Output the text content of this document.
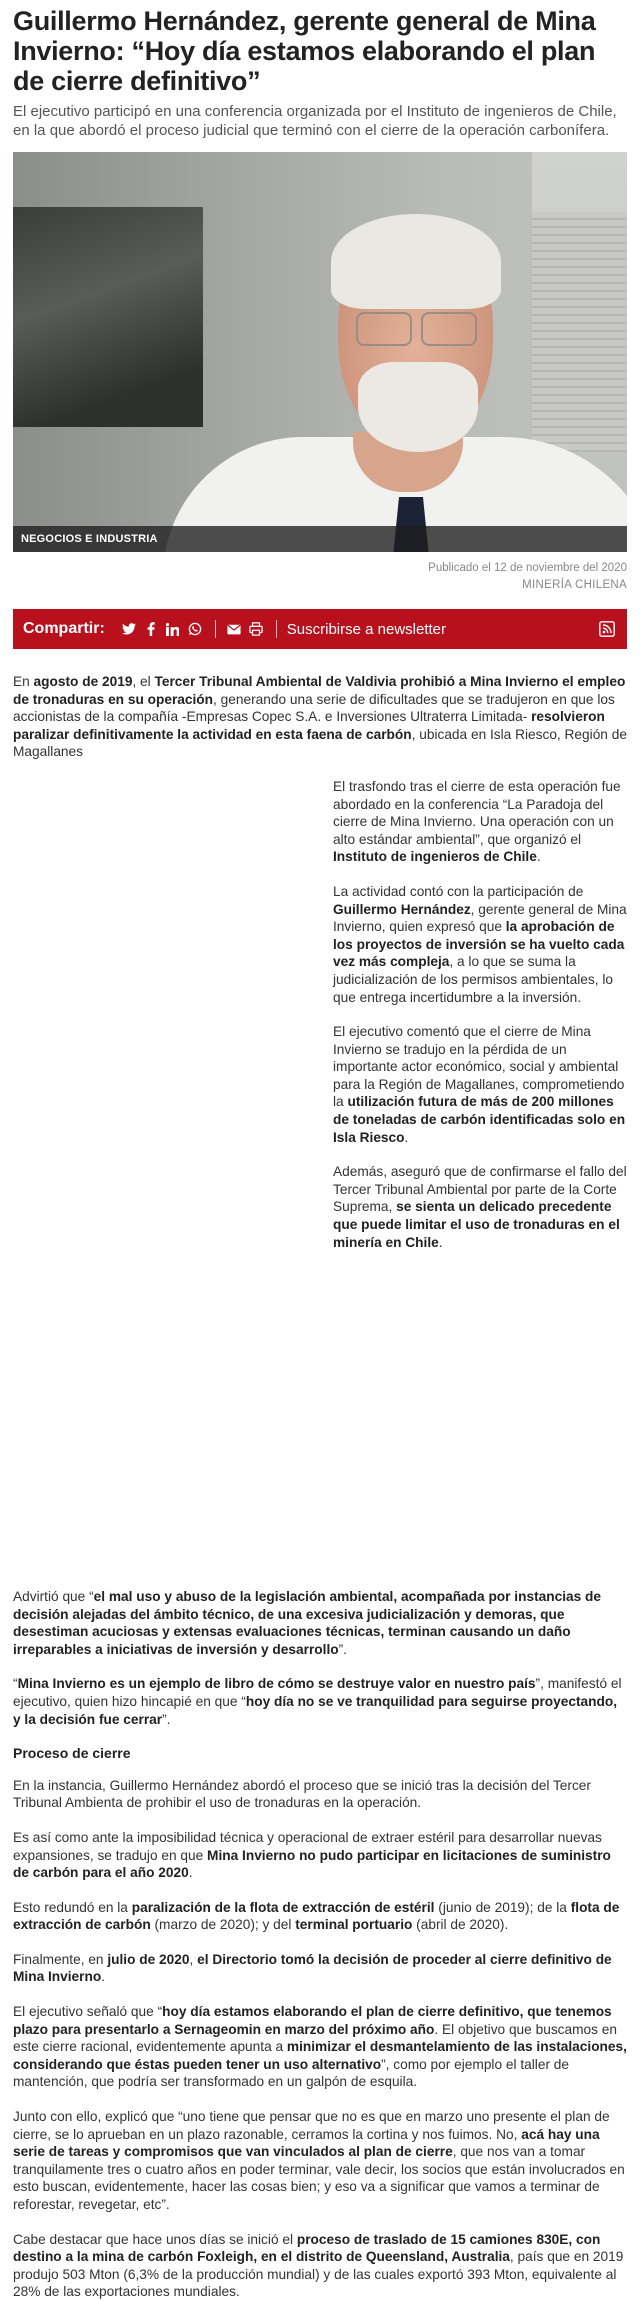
Guillermo Hernández, gerente general de Mina Invierno: “Hoy día estamos elaborando el plan de cierre definitivo”

El ejecutivo participó en una conferencia organizada por el Instituto de ingenieros de Chile, en la que abordó el proceso judicial que terminó con el cierre de la operación carbonífera.

NEGOCIOS E INDUSTRIA
Publicado el 12 de noviembre del 2020
MINERÍA CHILENA
Compartir:	Suscribirse a newsletter

En agosto de 2019, el Tercer Tribunal Ambiental de Valdivia prohibió a Mina Invierno el empleo de tronaduras en su operación, generando una serie de dificultades que se tradujeron en que los accionistas de la compañía -Empresas Copec S.A. e Inversiones Ultraterra Limitada- resolvieron paralizar definitivamente la actividad en esta faena de carbón, ubicada en Isla Riesco, Región de Magallanes

El trasfondo tras el cierre de esta operación fue abordado en la conferencia “La Paradoja del cierre de Mina Invierno. Una operación con un alto estándar ambiental”, que organizó el Instituto de ingenieros de Chile.

La actividad contó con la participación de Guillermo Hernández, gerente general de Mina Invierno, quien expresó que la aprobación de los proyectos de inversión se ha vuelto cada vez más compleja, a lo que se suma la judicialización de los permisos ambientales, lo que entrega incertidumbre a la inversión.

El ejecutivo comentó que el cierre de Mina Invierno se tradujo en la pérdida de un importante actor económico, social y ambiental para la Región de Magallanes, comprometiendo la utilización futura de más de 200 millones de toneladas de carbón identificadas solo en Isla Riesco.

Además, aseguró que de confirmarse el fallo del Tercer Tribunal Ambiental por parte de la Corte Suprema, se sienta un delicado precedente que puede limitar el uso de tronaduras en el minería en Chile.

Advirtió que “el mal uso y abuso de la legislación ambiental, acompañada por instancias de decisión alejadas del ámbito técnico, de una excesiva judicialización y demoras, que desestiman acuciosas y extensas evaluaciones técnicas, terminan causando un daño irreparables a iniciativas de inversión y desarrollo”.

“Mina Invierno es un ejemplo de libro de cómo se destruye valor en nuestro país”, manifestó el ejecutivo, quien hizo hincapié en que “hoy día no se ve tranquilidad para seguirse proyectando, y la decisión fue cerrar”.

Proceso de cierre

En la instancia, Guillermo Hernández abordó el proceso que se inició tras la decisión del Tercer Tribunal Ambienta de prohibir el uso de tronaduras en la operación.

Es así como ante la imposibilidad técnica y operacional de extraer estéril para desarrollar nuevas expansiones, se tradujo en que Mina Invierno no pudo participar en licitaciones de suministro de carbón para el año 2020.

Esto redundó en la paralización de la flota de extracción de estéril (junio de 2019); de la flota de extracción de carbón (marzo de 2020); y del terminal portuario (abril de 2020).

Finalmente, en julio de 2020, el Directorio tomó la decisión de proceder al cierre definitivo de Mina Invierno.

El ejecutivo señaló que “hoy día estamos elaborando el plan de cierre definitivo, que tenemos plazo para presentarlo a Sernageomin en marzo del próximo año. El objetivo que buscamos en este cierre racional, evidentemente apunta a minimizar el desmantelamiento de las instalaciones, considerando que éstas pueden tener un uso alternativo”, como por ejemplo el taller de mantención, que podría ser transformado en un galpón de esquila.

Junto con ello, explicó que “uno tiene que pensar que no es que en marzo uno presente el plan de cierre, se lo aprueban en un plazo razonable, cerramos la cortina y nos fuimos. No, acá hay una serie de tareas y compromisos que van vinculados al plan de cierre, que nos van a tomar tranquilamente tres o cuatro años en poder terminar, vale decir, los socios que están involucrados en esto buscan, evidentemente, hacer las cosas bien; y eso va a significar que vamos a terminar de reforestar, revegetar, etc”.

Cabe destacar que hace unos días se inició el proceso de traslado de 15 camiones 830E, con destino a la mina de carbón Foxleigh, en el distrito de Queensland, Australia, país que en 2019 produjo 503 Mton (6,3% de la producción mundial) y de las cuales exportó 393 Mton, equivalente al 28% de las exportaciones mundiales.
